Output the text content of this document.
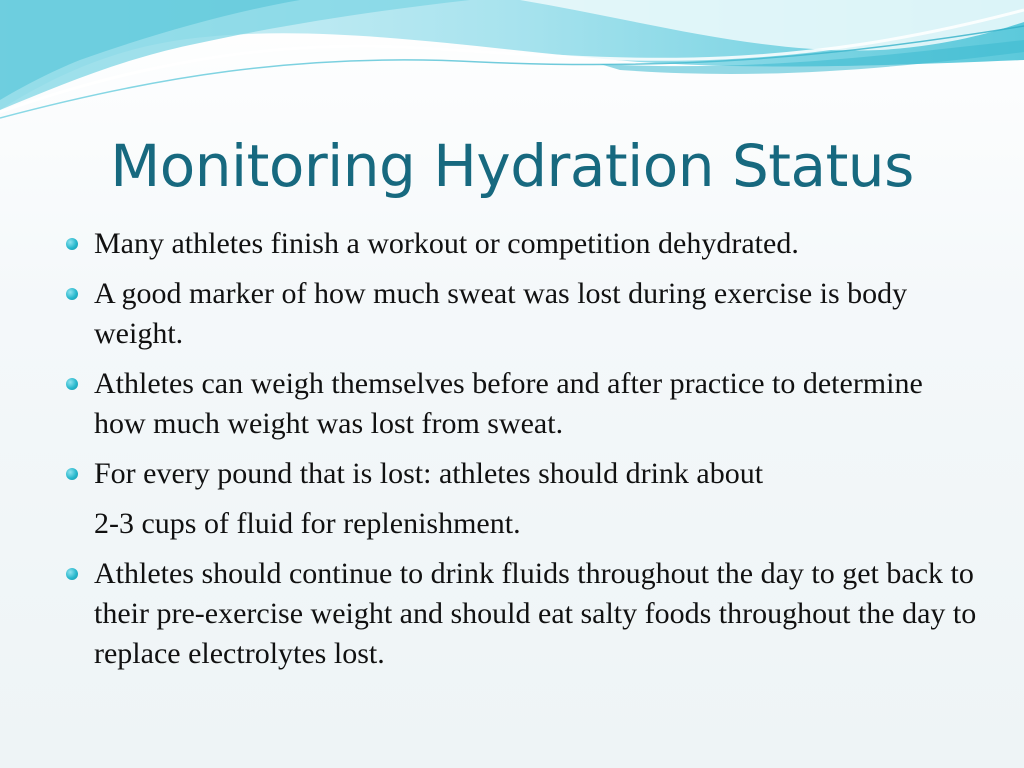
Monitoring Hydration Status
Many athletes finish a workout or competition dehydrated.
A good marker of how much sweat was lost during exercise is body weight.
Athletes can weigh themselves before and after practice to determine how much weight was lost from sweat.
For every pound that is lost: athletes should drink about
2-3 cups of fluid for replenishment.
Athletes should continue to drink fluids throughout the day to get back to their pre-exercise weight and should eat salty foods throughout the day to replace electrolytes lost.
